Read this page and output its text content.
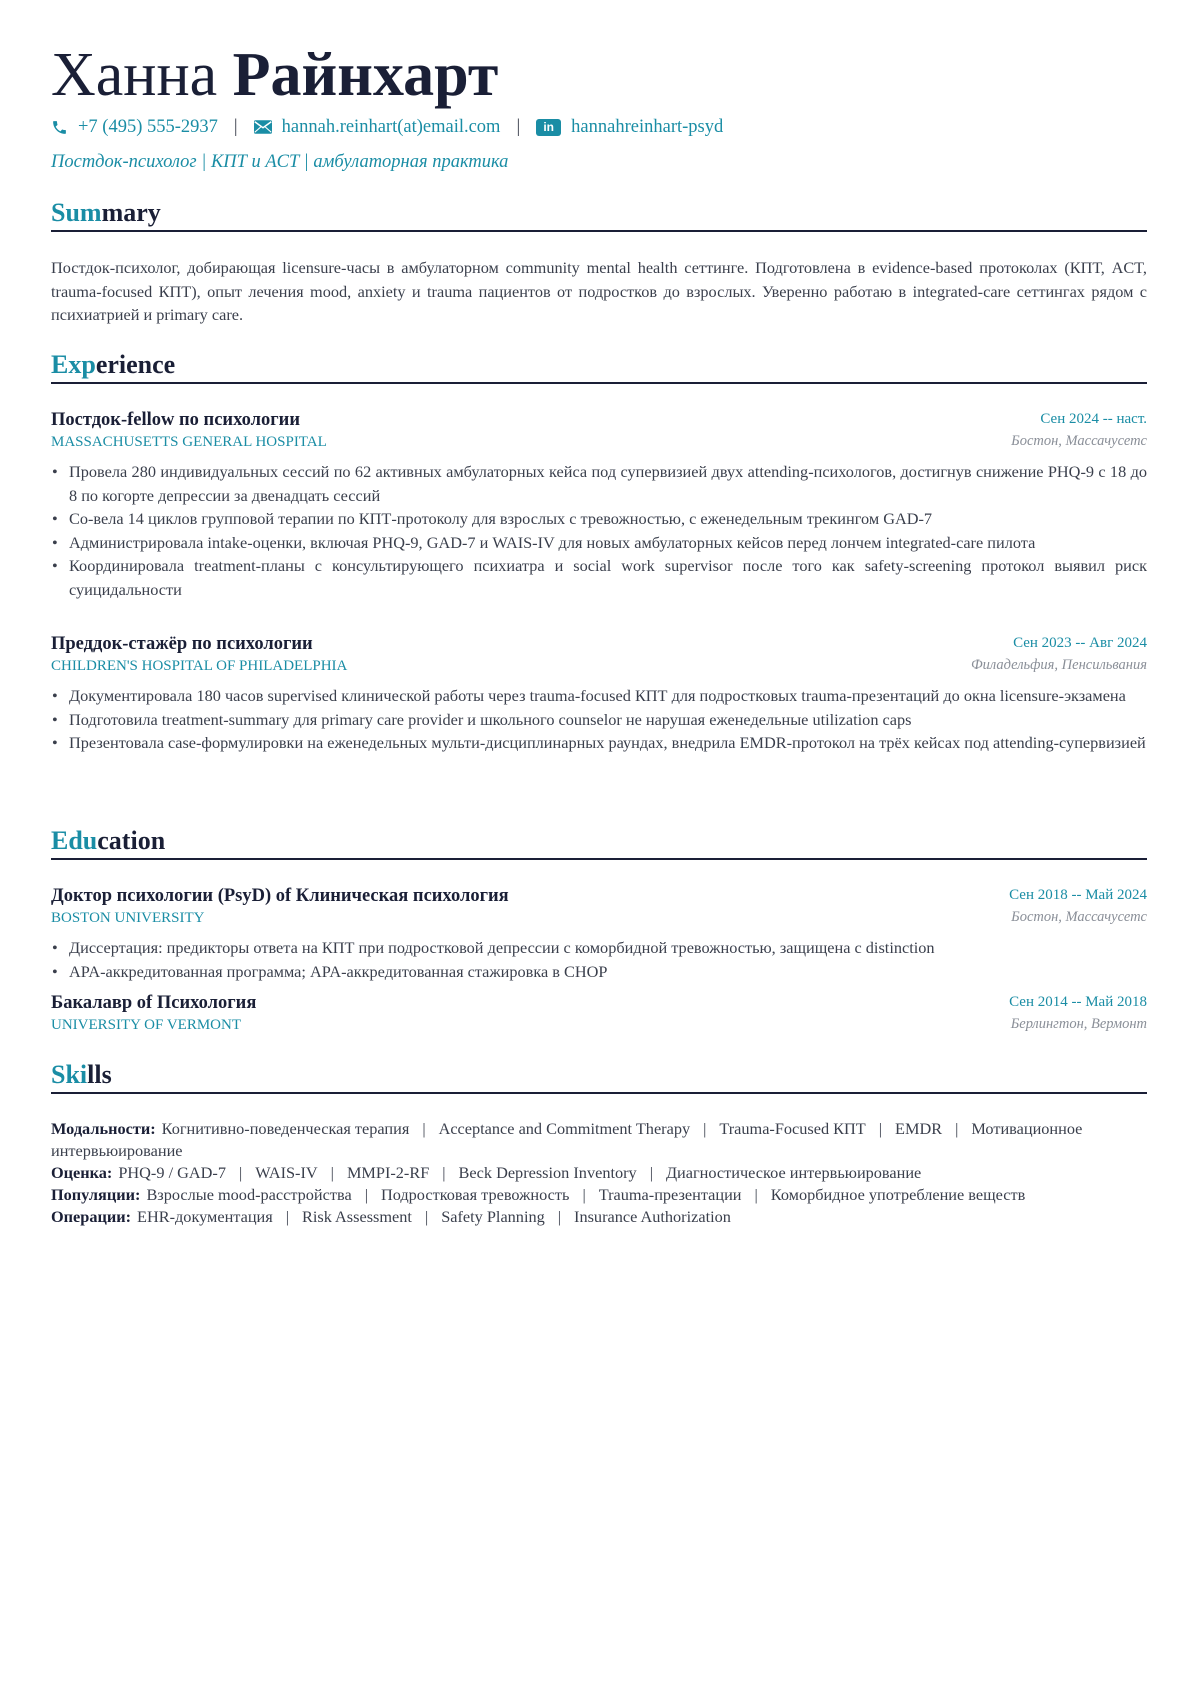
Ханна Райнхарт
+7 (495) 555-2937 | hannah.reinhart(at)email.com |	in hannahreinhart-psyd
Постдок-психолог | КПТ и ACT | амбулаторная практика
Summary

Постдок-психолог, добирающая licensure-часы в амбулаторном community mental health сеттинге. Подготовлена в evidence-based протоколах (КПТ, ACT, trauma-focused КПТ), опыт лечения mood, anxiety и trauma пациентов от подростков до взрослых. Уверенно работаю в integrated-care сеттингах рядом с психиатрией и primary care.

Experience
Постдок-fellow по психологии	Сен 2024 -- наст.
MASSACHUSETTS GENERAL HOSPITAL	Бостон, Массачусетс
• Провела 280 индивидуальных сессий по 62 активных амбулаторных кейса под супервизией двух attending-психологов, достигнув снижение PHQ-9 с 18 до 8 по когорте депрессии за двенадцать сессий
• Со-вела 14 циклов групповой терапии по КПТ-протоколу для взрослых с тревожностью, с еженедельным трекингом GAD-7
• Администрировала intake-оценки, включая PHQ-9, GAD-7 и WAIS-IV для новых амбулаторных кейсов перед лончем integrated-care пилота
• Координировала treatment-планы с консультирующего психиатра и social work supervisor после того как safety-screening протокол выявил риск суицидальности
Преддок-стажёр по психологии	Сен 2023 -- Авг 2024
CHILDREN'S HOSPITAL OF PHILADELPHIA	Филадельфия, Пенсильвания
• Документировала 180 часов supervised клинической работы через trauma-focused КПТ для подростковых trauma-презентаций до окна licensure-экзамена
• Подготовила treatment-summary для primary care provider и школьного counselor не нарушая еженедельные utilization caps
• Презентовала case-формулировки на еженедельных мульти-дисциплинарных раундах, внедрила EMDR-протокол на трёх кейсах под attending-супервизией
Education
Доктор психологии (PsyD) of Клиническая психология	Сен 2018 -- Май 2024
BOSTON UNIVERSITY	Бостон, Массачусетс
• Диссертация: предикторы ответа на КПТ при подростковой депрессии с коморбидной тревожностью, защищена с distinction
• APA-аккредитованная программа; APA-аккредитованная стажировка в CHOP
Бакалавр of Психология	Сен 2014 -- Май 2018
UNIVERSITY OF VERMONT	Берлингтон, Вермонт
Skills
Модальности: Когнитивно-поведенческая терапия | Acceptance and Commitment Therapy | Trauma-Focused КПТ | EMDR | Мотивационное интервьюирование
Оценка: PHQ-9 / GAD-7 | WAIS-IV | MMPI-2-RF | Beck Depression Inventory | Диагностическое интервьюирование
Популяции: Взрослые mood-расстройства | Подростковая тревожность | Trauma-презентации | Коморбидное употребление веществ
Операции: EHR-документация | Risk Assessment | Safety Planning | Insurance Authorization
